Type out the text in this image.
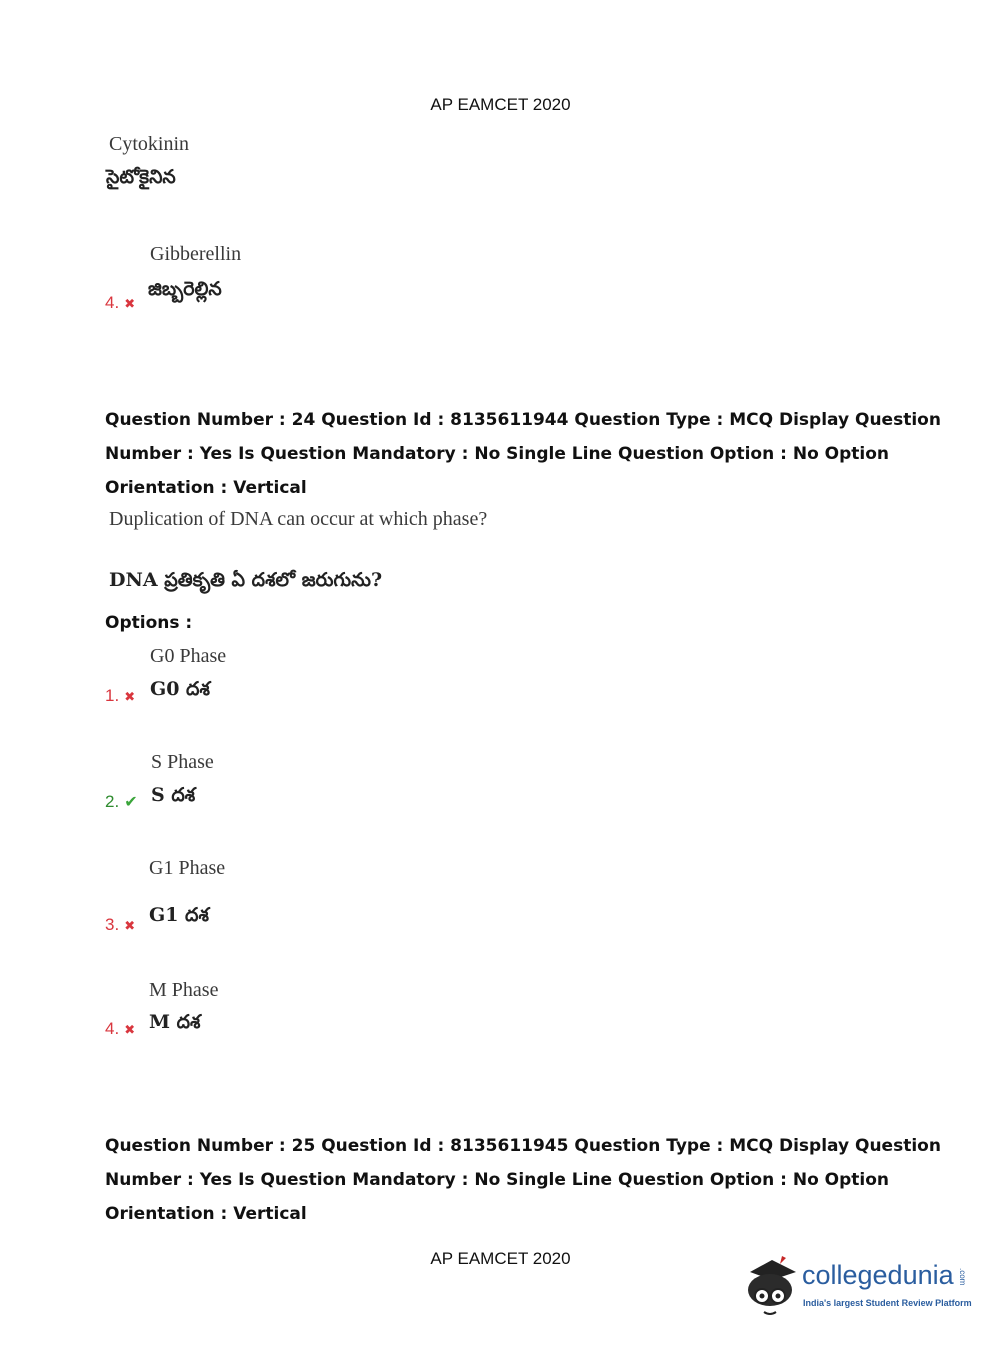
AP EAMCET 2020
Cytokinin
సైటోకైనిన
4. ✖
Gibberellin
జిబ్బరెల్లిన
Question Number : 24 Question Id : 8135611944 Question Type : MCQ Display Question
Number : Yes Is Question Mandatory : No Single Line Question Option : No Option
Orientation : Vertical
Duplication of DNA can occur at which phase?
DNA ప్రతికృతి ఏ దశలో జరుగును?
Options :
G0 Phase
1. ✖ G0 దశ
S Phase
2. ✔ S దశ
G1 Phase
3. ✖
G1 దశ
M Phase
4. ✖ M దశ
Question Number : 25 Question Id : 8135611945 Question Type : MCQ Display Question
Number : Yes Is Question Mandatory : No Single Line Question Option : No Option
Orientation : Vertical
AP EAMCET 2020
collegedunia .com
India's largest Student Review Platform
